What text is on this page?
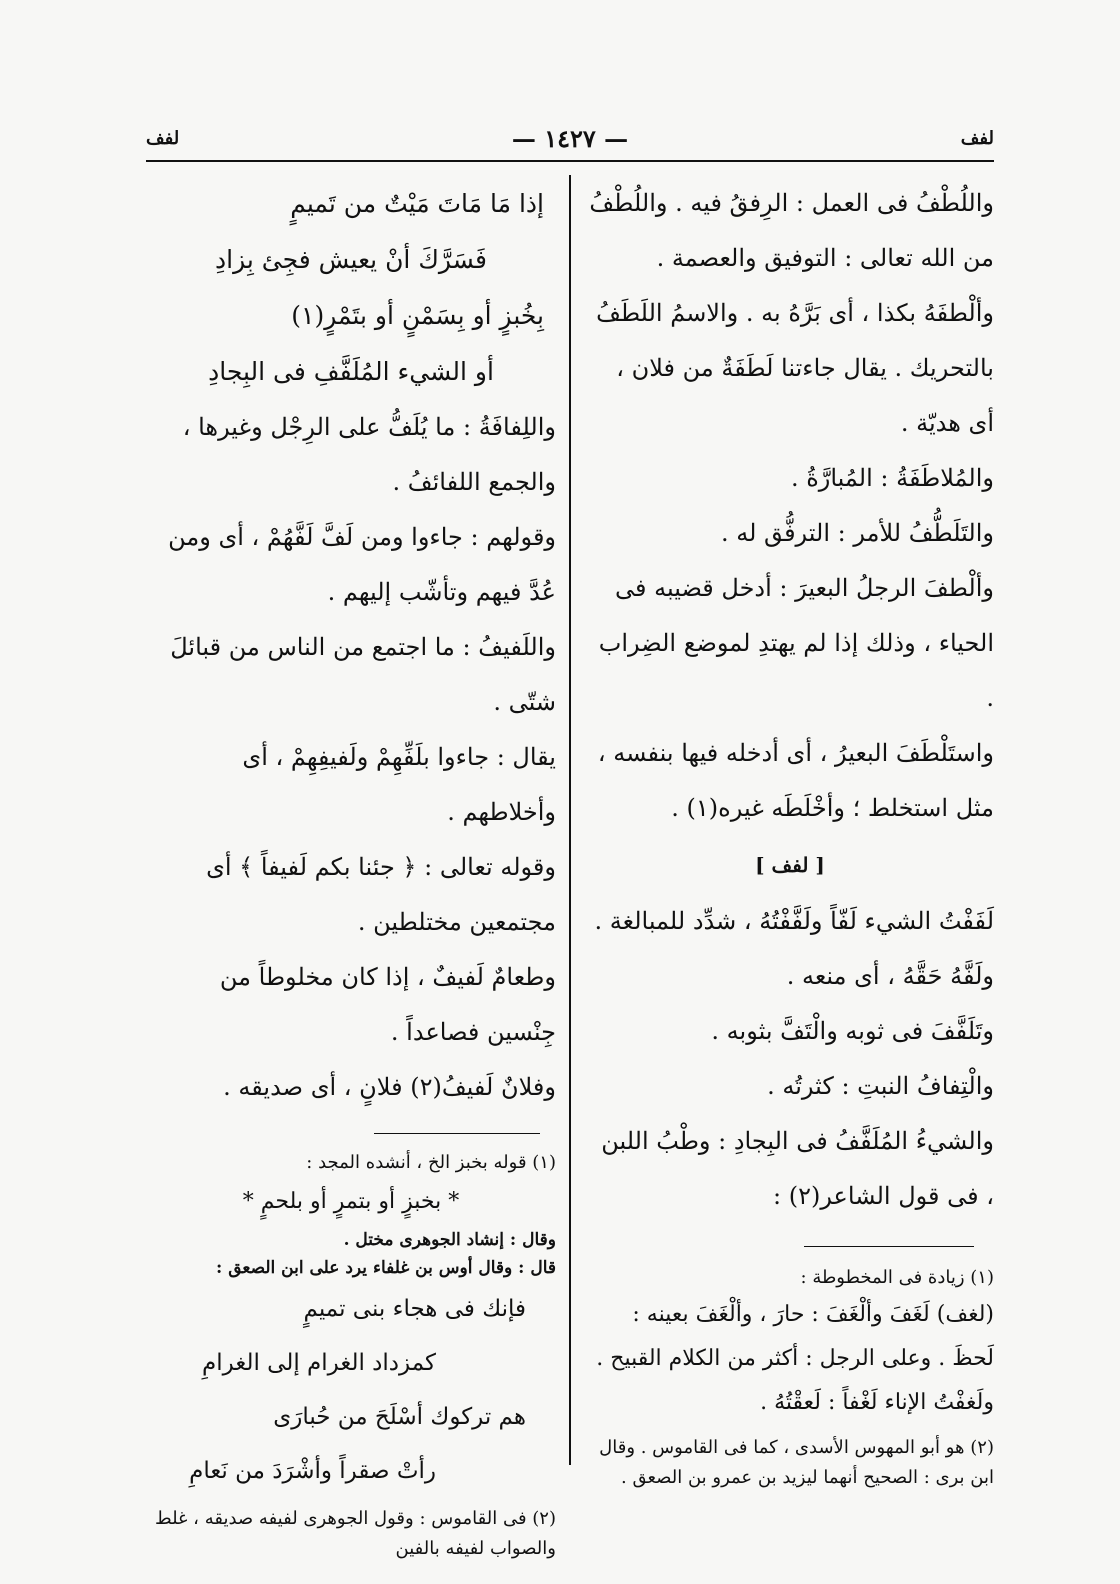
لفف
— ١٤٢٧ —
لفف

واللُطْفُ فى العمل : الرِفقُ فيه . واللُطْفُ من الله تعالى : التوفيق والعصمة .

وألْطفَهُ بكذا ، أى بَرَّهُ به . والاسمُ اللَطَفُ بالتحريك . يقال جاءتنا لَطَفَةٌ من فلان ، أى هديّة .

والمُلاطَفَةُ : المُبارَّةُ .

والتَلَطُّفُ للأمر : الترفُّق له .

وألْطفَ الرجلُ البعيرَ : أدخل قضيبه فى الحياء ، وذلك إذا لم يهتدِ لموضع الضِراب .

واستَلْطَفَ البعيرُ ، أى أدخله فيها بنفسه ، مثل استخلط ؛ وأخْلَطَه غيره(١) .

[ لفف ]

لَفَفْتُ الشيء لَفّاً ولَفَّفْتُهُ ، شدِّد للمبالغة .

ولَفَّهُ حَقَّهُ ، أى منعه .

وتَلَفَّفَ فى ثوبه والْتَفَّ بثوبه .

والْتِفافُ النبتِ : كثرتُه .

والشيءُ المُلَفَّفُ فى البِجادِ : وطْبُ اللبن ، فى قول الشاعر(٢) :

(١) زيادة فى المخطوطة :

(لغف) لَغَفَ وألْغَفَ : حارَ ، وألْغَفَ بعينه : لَحظَ . وعلى الرجل : أكثر من الكلام القبيح . ولَغفْتُ الإناء لَغْفاً : لَعقْتُهُ .

(٢) هو أبو المهوس الأسدى ، كما فى القاموس . وقال ابن برى : الصحيح أنهما ليزيد بن عمرو بن الصعق .

إذا مَا مَاتَ مَيْتٌ من تَميمٍ

فَسَرَّكَ أنْ يعيش فجِئ بِزادِ

بِخُبزٍ أو بِسَمْنٍ أو بتَمْرٍ(١)

أو الشيء المُلَفَّفِ فى البِجادِ

واللِفافَةُ : ما يُلَفُّ على الرِجْل وغيرها ، والجمع اللفائفُ .

وقولهم : جاءوا ومن لَفَّ لَفَّهُمْ ، أى ومن عُدَّ فيهم وتأشّب إليهم .

واللَفيفُ : ما اجتمع من الناس من قبائلَ شتّى .

يقال : جاءوا بلَفِّهِمْ ولَفيفِهِمْ ، أى وأخلاطهم .

وقوله تعالى : ﴿ جئنا بكم لَفيفاً ﴾ أى مجتمعين مختلطين .

وطعامٌ لَفيفٌ ، إذا كان مخلوطاً من جِنْسين فصاعداً .

وفلانٌ لَفيفُ(٢) فلانٍ ، أى صديقه .

(١) قوله بخبز الخ ، أنشده المجد :

* بخبزٍ أو بتمرٍ أو بلحمٍ *

وقال : إنشاد الجوهرى مختل .

قال : وقال أوس بن غلفاء يرد على ابن الصعق :

فإنك فى هجاء بنى تميمٍ

كمزداد الغرام إلى الغرامِ

هم تركوك أسْلَحَ من حُبارَى

رأتْ صقراً وأشْرَدَ من نَعامِ

(٢) فى القاموس : وقول الجوهرى لفيفه صديقه ، غلط والصواب لفيفه بالفين
